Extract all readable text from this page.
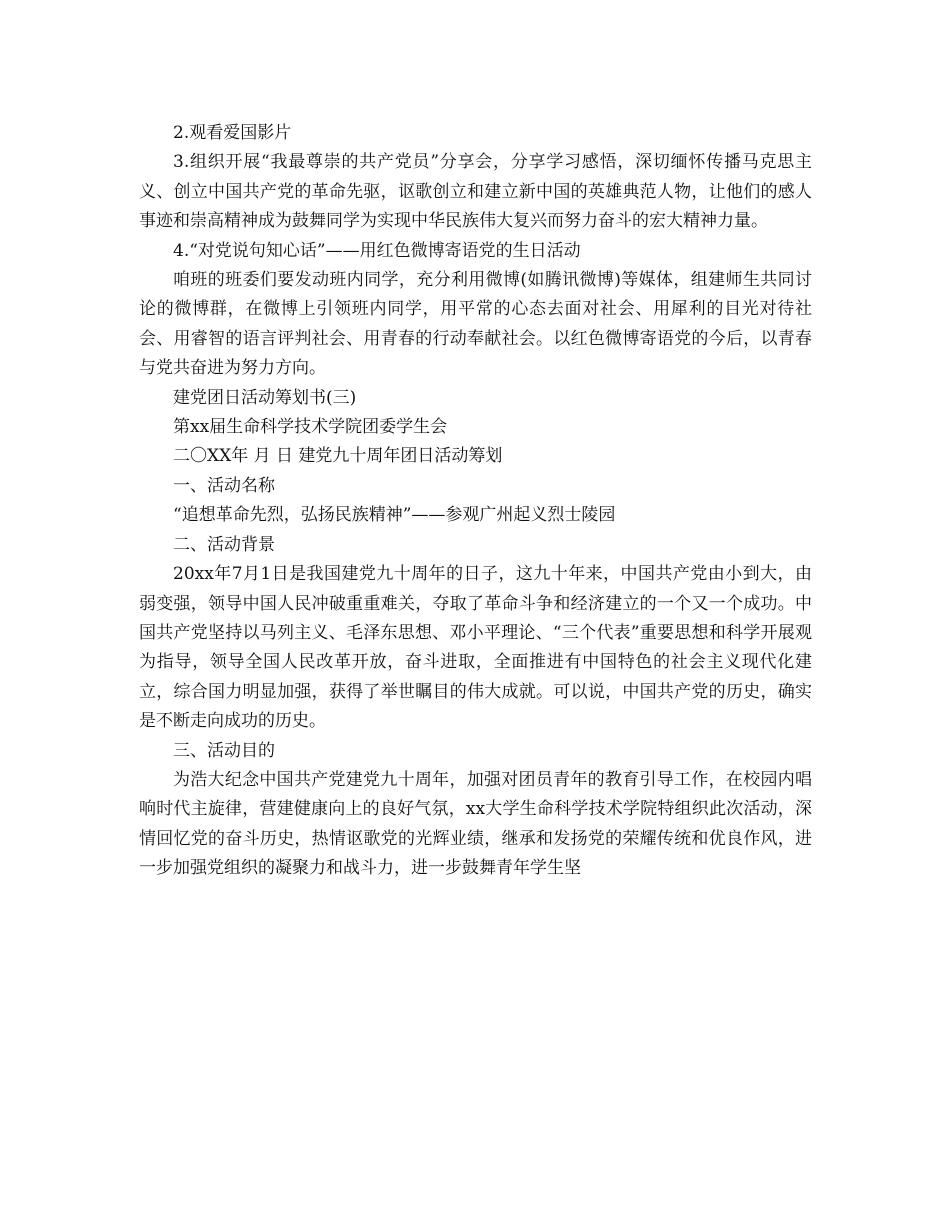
2.观看爱国影片

3.组织开展“我最尊崇的共产党员”分享会，分享学习感悟，深切缅怀传播马克思主义、创立中国共产党的革命先驱，讴歌创立和建立新中国的英雄典范人物，让他们的感人事迹和崇高精神成为鼓舞同学为实现中华民族伟大复兴而努力奋斗的宏大精神力量。

4.“对党说句知心话”——用红色微博寄语党的生日活动

咱班的班委们要发动班内同学，充分利用微博(如腾讯微博)等媒体，组建师生共同讨论的微博群，在微博上引领班内同学，用平常的心态去面对社会、用犀利的目光对待社会、用睿智的语言评判社会、用青春的行动奉献社会。以红色微博寄语党的今后，以青春与党共奋进为努力方向。

建党团日活动筹划书(三)

第xx届生命科学技术学院团委学生会

二〇XX年 月 日 建党九十周年团日活动筹划

一、活动名称

“追想革命先烈，弘扬民族精神”——参观广州起义烈士陵园

二、活动背景

20xx年7月1日是我国建党九十周年的日子，这九十年来，中国共产党由小到大，由弱变强，领导中国人民冲破重重难关，夺取了革命斗争和经济建立的一个又一个成功。中国共产党坚持以马列主义、毛泽东思想、邓小平理论、“三个代表”重要思想和科学开展观为指导，领导全国人民改革开放，奋斗进取，全面推进有中国特色的社会主义现代化建立，综合国力明显加强，获得了举世瞩目的伟大成就。可以说，中国共产党的历史，确实是不断走向成功的历史。

三、活动目的

为浩大纪念中国共产党建党九十周年，加强对团员青年的教育引导工作，在校园内唱响时代主旋律，营建健康向上的良好气氛，xx大学生命科学技术学院特组织此次活动，深情回忆党的奋斗历史，热情讴歌党的光辉业绩，继承和发扬党的荣耀传统和优良作风，进一步加强党组织的凝聚力和战斗力，进一步鼓舞青年学生坚
